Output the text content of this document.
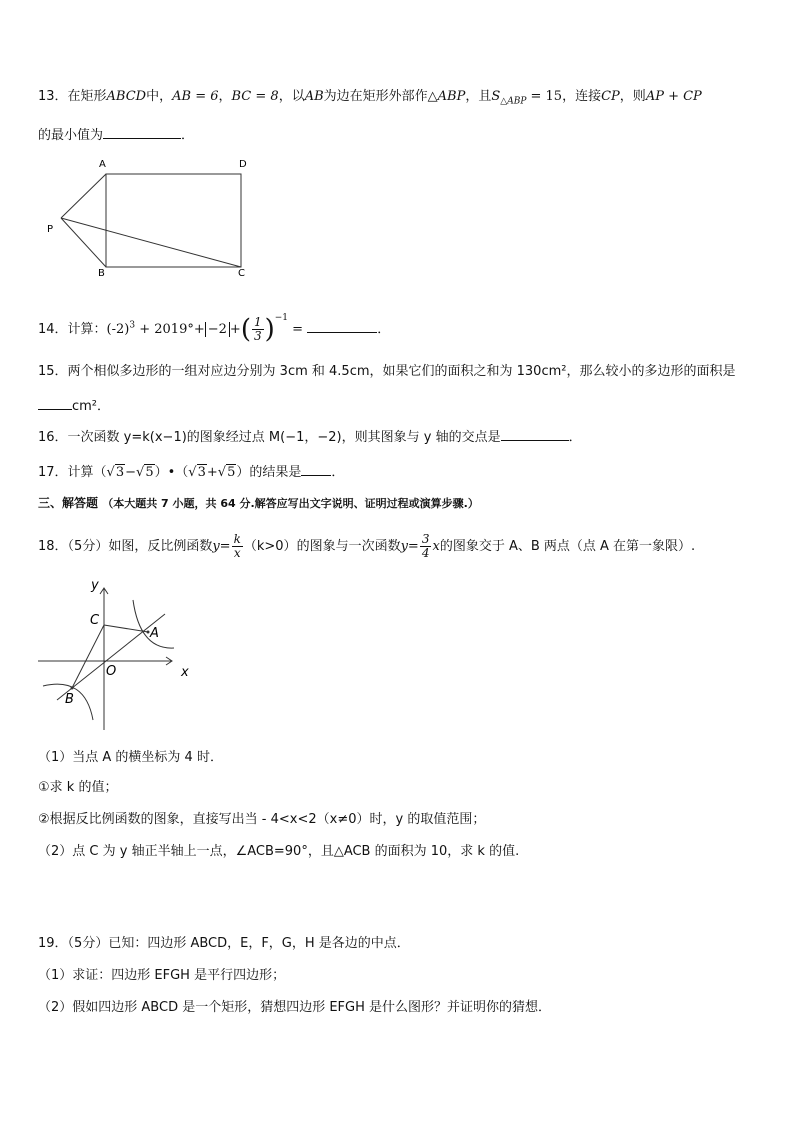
13．在矩形ABCD中，AB = 6，BC = 8，以AB为边在矩形外部作△ABP，且$S_{\triangle ABP} = 15$，连接CP，则AP + CP
的最小值为	．
A	D
P
B	C
14．计算：$(-2)^3 + 2019^\circ+ -2$ +( $\frac{1}{3} )^{-1}$ =	．
15．两个相似多边形的一组对应边分别为 3cm 和 4.5cm，如果它们的面积之和为 130cm²，那么较小的多边形的面积是
cm²．
16．一次函数 y=k(x−1)的图象经过点 M(−1，−2)，则其图象与 y 轴的交点是	．
17．计算（√3−√5）•（√3+√5）的结果是 ．
三、解答题 （本大题共 7 小题，共 64 分.解答应写出文字说明、证明过程或演算步骤.）
18．（5分）如图，反比例函数$y= \frac{k}{x} (k>0)$的图象与一次函数$y= \frac{3}{4}$ x的图象交于 A、B 两点（点 A 在第一象限）.
y
C
A
O	x
B
（1）当点 A 的横坐标为 4 时．
①求 k 的值；
②根据反比例函数的图象，直接写出当 - 4<x<2（x≠0）时，y 的取值范围；
（2）点 C 为 y 轴正半轴上一点，∠ACB=90°，且△ACB 的面积为 10，求 k 的值.
19．（5分）已知：四边形 ABCD，E，F，G，H 是各边的中点．
（1）求证：四边形 EFGH 是平行四边形；
（2）假如四边形 ABCD 是一个矩形，猜想四边形 EFGH 是什么图形？并证明你的猜想．
